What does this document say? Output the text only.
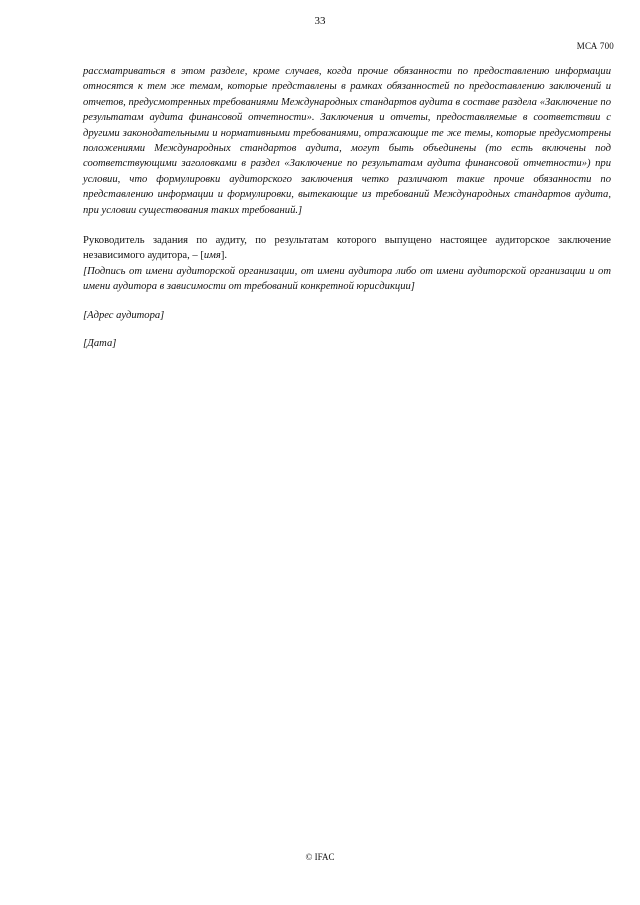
33
МСА 700

рассматриваться в этом разделе, кроме случаев, когда прочие обязанности по предоставлению информации относятся к тем же темам, которые представлены в рамках обязанностей по предоставлению заключений и отчетов, предусмотренных требованиями Международных стандартов аудита в составе раздела «Заключение по результатам аудита финансовой отчетности». Заключения и отчеты, предоставляемые в соответствии с другими законодательными и нормативными требованиями, отражающие те же темы, которые предусмотрены положениями Международных стандартов аудита, могут быть объединены (то есть включены под соответствующими заголовками в раздел «Заключение по результатам аудита финансовой отчетности») при условии, что формулировки аудиторского заключения четко различают такие прочие обязанности по представлению информации и формулировки, вытекающие из требований Международных стандартов аудита, при условии существования таких требований.]

Руководитель задания по аудиту, по результатам которого выпущено настоящее аудиторское заключение независимого аудитора, – [имя].

[Подпись от имени аудиторской организации, от имени аудитора либо от имени аудиторской организации и от имени аудитора в зависимости от требований конкретной юрисдикции]

[Адрес аудитора]

[Дата]

© IFAC
